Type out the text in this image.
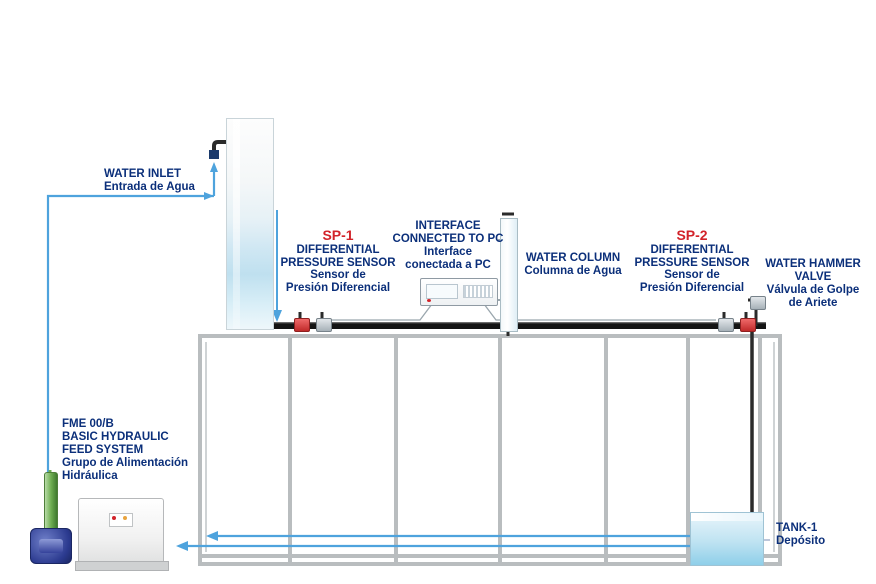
WATER INLET
Entrada de Agua
SP-1
DIFFERENTIAL
PRESSURE SENSOR
Sensor de
Presión Diferencial
INTERFACE
CONNECTED TO PC
Interface
conectada a PC
WATER COLUMN
Columna de Agua
SP-2
DIFFERENTIAL
PRESSURE SENSOR
Sensor de
Presión Diferencial
WATER HAMMER
VALVE
Válvula de Golpe
de Ariete
FME 00/B
BASIC HYDRAULIC
FEED SYSTEM
Grupo de Alimentación
Hidráulica
TANK-1
Depósito
